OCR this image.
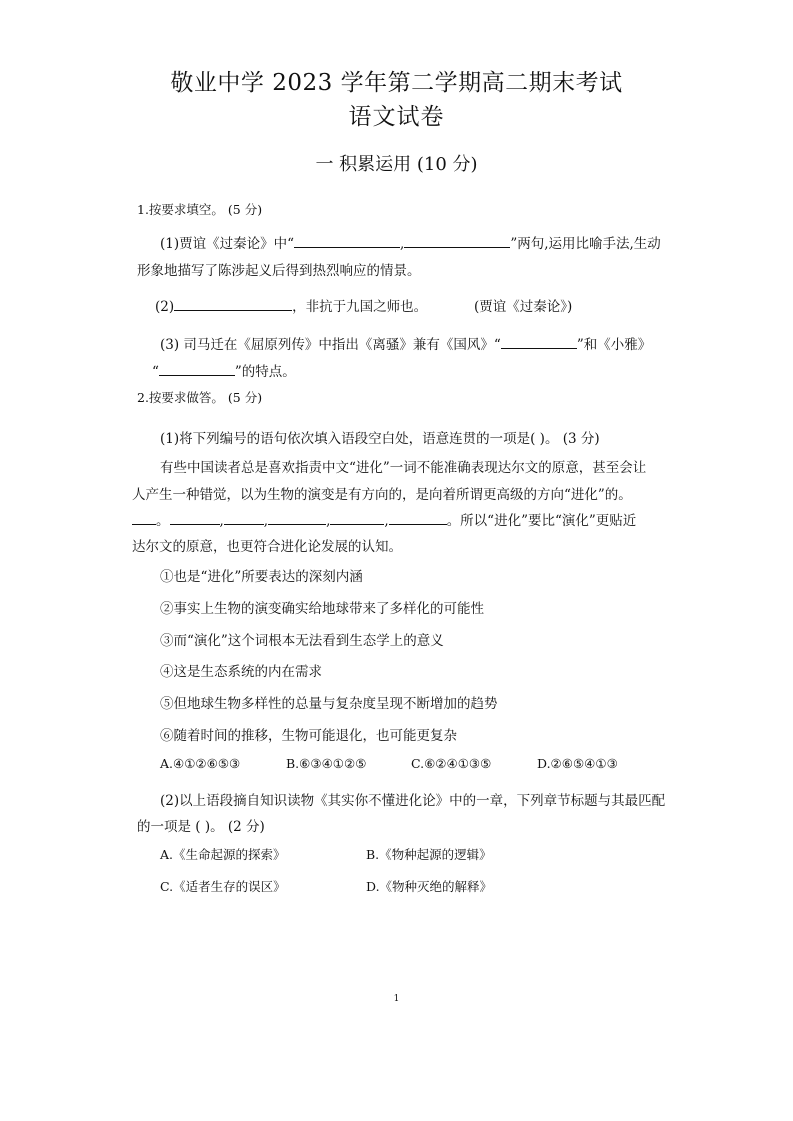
敬业中学 2023 学年第二学期高二期末考试
语文试卷
一 积累运用 (10 分)
1.按要求填空。 (5 分)
(1)贾谊《过秦论》中“	,	”两句,运用比喻手法,生动
形象地描写了陈涉起义后得到热烈响应的情景。
(2)	，非抗于九国之师也。	(贾谊《过秦论》)
(3) 司马迁在《屈原列传》中指出《离骚》兼有《国风》“	”和《小雅》
“	”的特点。
2.按要求做答。 (5 分)
(1)将下列编号的语句依次填入语段空白处，语意连贯的一项是( )。 (3 分)
有些中国读者总是喜欢指责中文“进化”一词不能准确表现达尔文的原意，甚至会让
人产生一种错觉，以为生物的演变是有方向的，是向着所谓更高级的方向“进化”的。
。	,	,	,	,	。所以“进化”要比“演化”更贴近
达尔文的原意，也更符合进化论发展的认知。
①也是“进化”所要表达的深刻内涵
②事实上生物的演变确实给地球带来了多样化的可能性
③而“演化”这个词根本无法看到生态学上的意义
④这是生态系统的内在需求
⑤但地球生物多样性的总量与复杂度呈现不断增加的趋势
⑥随着时间的推移，生物可能退化，也可能更复杂
A.④①②⑥⑤③	B.⑥③④①②⑤	C.⑥②④①③⑤	D.②⑥⑤④①③
(2)以上语段摘自知识读物《其实你不懂进化论》中的一章，下列章节标题与其最匹配
的一项是 ( )。 (2 分)
A.《生命起源的探索》	B.《物种起源的逻辑》
C.《适者生存的误区》	D.《物种灭绝的解释》
1
